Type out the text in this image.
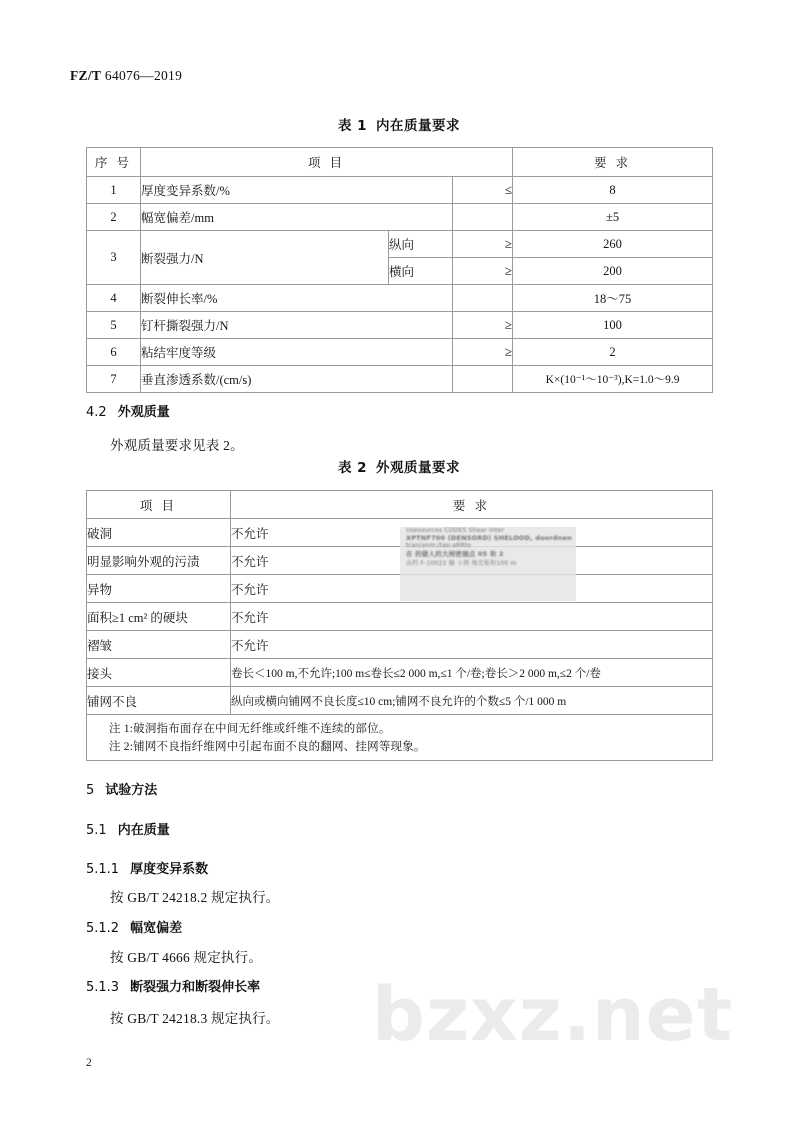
bzxz.net
FZ/T 64076—2019
表 1 内在质量要求
序 号	项 目			要 求
1	厚度变异系数/%		≤	8
2	幅宽偏差/mm			±5
3	断裂强力/N	纵向	≥	260
		横向	≥	200
4	断裂伸长率/%			18～75
5	钉杆撕裂强力/N		≥	100
6	粘结牢度等级		≥	2
7	垂直渗透系数/(cm/s)			K×(10⁻¹～10⁻³),K=1.0～9.9
4.2 外观质量
外观质量要求见表 2。
表 2 外观质量要求
项 目	要 求
破洞	不允许
明显影响外观的污渍	不允许
异物	不允许
面积≥1 cm² 的硬块	不允许
褶皱	不允许
接头	卷长＜100 m,不允许;100 m≤卷长≤2 000 m,≤1 个/卷;卷长＞2 000 m,≤2 个/卷
铺网不良	纵向或横向铺网不良长度≤10 cm;铺网不良允许的个数≤5 个/1 000 m

注 1:破洞指布面存在中间无纤维或纤维不连续的部位。
注 2:铺网不良指纤维网中引起布面不良的翻网、挂网等现象。	
Usesources CODES Shear Inter
XPTNF700 (DENSORD) SHELOOD, doordnen
tran/anm:/tao:aRRto
在 的做人的大闸密插点 05 和 2
高档 F-10022 输 小便 地光板和100 m
5 试验方法
5.1 内在质量
5.1.1 厚度变异系数
按 GB/T 24218.2 规定执行。
5.1.2 幅宽偏差
按 GB/T 4666 规定执行。
5.1.3 断裂强力和断裂伸长率
按 GB/T 24218.3 规定执行。
2
